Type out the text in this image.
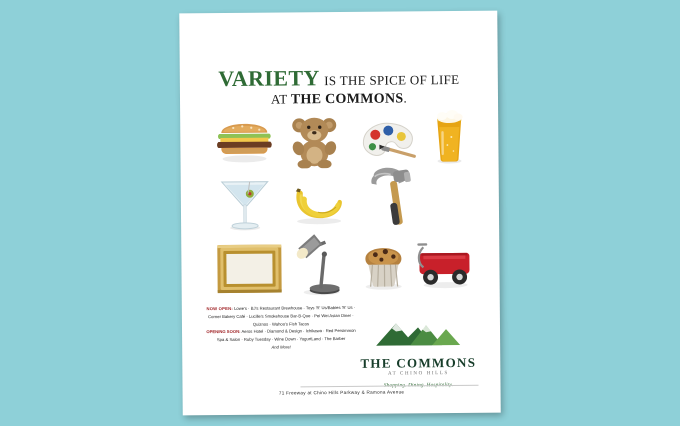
VARIETY IS THE SPICE OF LIFE
AT THE COMMONS.
NOW OPEN: Lowe's · BJ's Restaurant Brewhouse · Toys 'R' Us/Babies 'R' Us · Corner Bakery Café · Lucille's Smokehouse Bar-B-Que · Pei Wei Asian Diner · Quiznos · Wahoo's Fish Tacos
OPENING SOON: Aeros Hotel · Diamond & Design · Ichikawa · Red Persimmon Spa & Salon · Ruby Tuesday · Wine Down · YogurtLand · The Barber
And More!
THE COMMONS
AT CHINO HILLS
71 Freeway at Chino Hills Parkway & Ramona Avenue
